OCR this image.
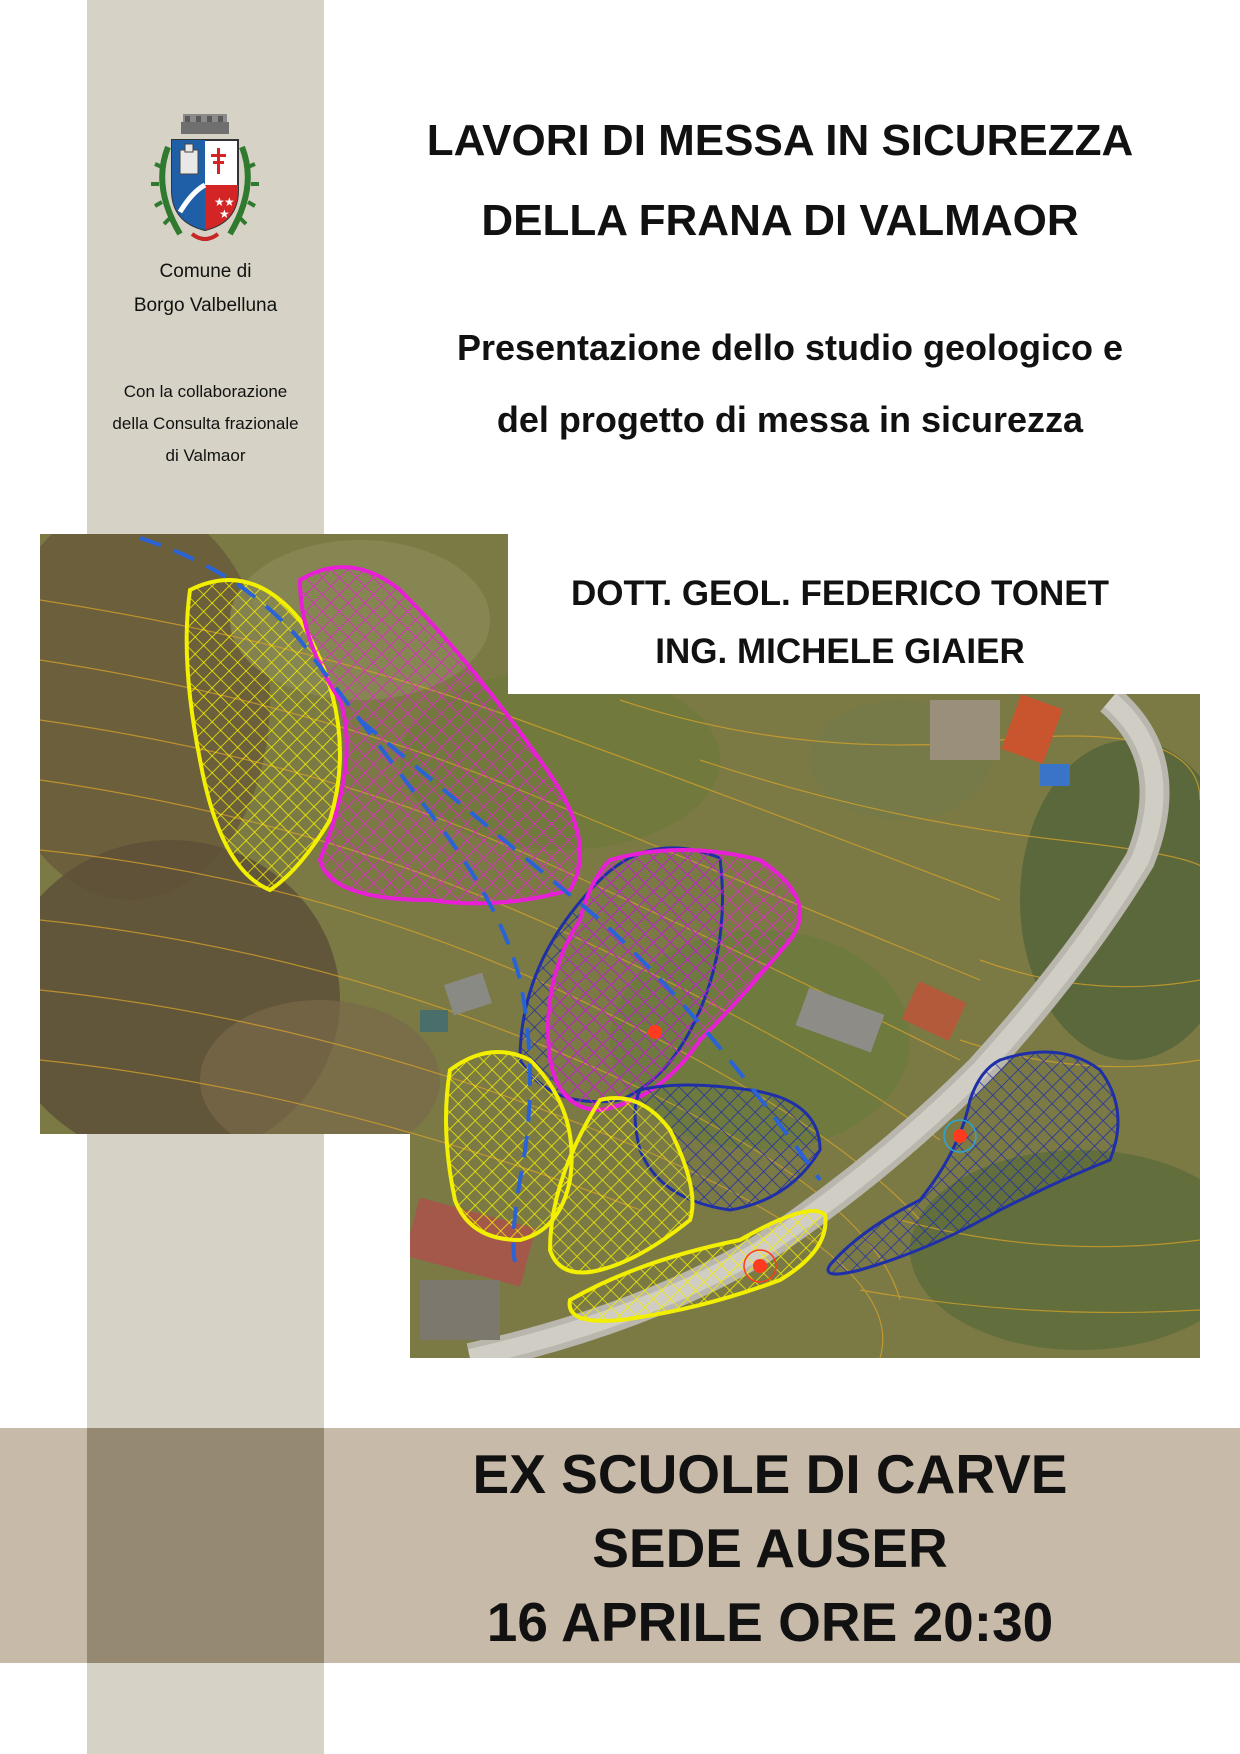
★ ★
★
Comune di
Borgo Valbelluna
Con la collaborazione
della Consulta frazionale
di Valmaor
LAVORI DI MESSA IN SICUREZZA
DELLA FRANA DI VALMAOR
Presentazione dello studio geologico e
del progetto di messa in sicurezza
DOTT. GEOL. FEDERICO TONET
ING. MICHELE GIAIER
EX SCUOLE DI CARVE
SEDE AUSER
16 APRILE ORE 20:30
